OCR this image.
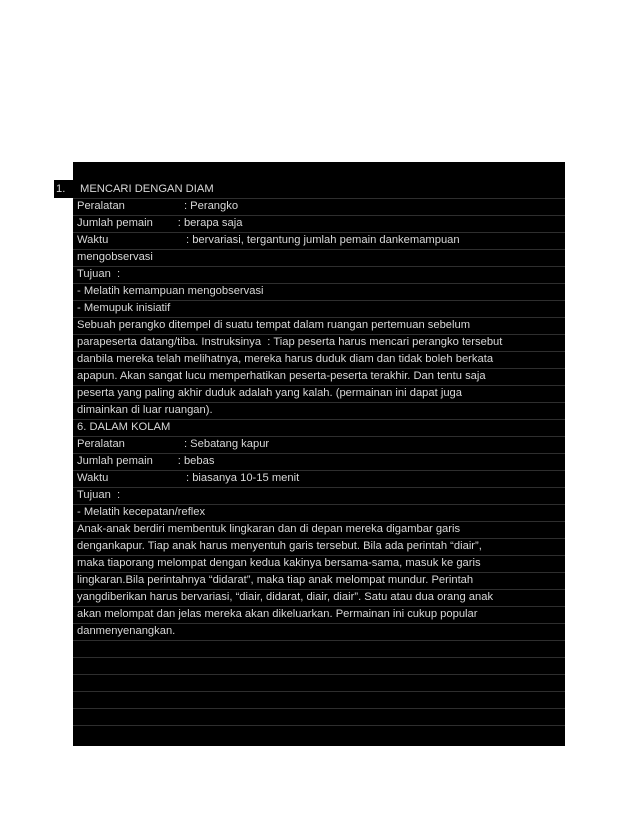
1. MENCARI DENGAN DIAM
Peralatan                   : Perangko
Jumlah pemain        : berapa saja
Waktu                         : bervariasi, tergantung jumlah pemain dankemampuan
mengobservasi
Tujuan  :
- Melatih kemampuan mengobservasi
- Memupuk inisiatif
Sebuah perangko ditempel di suatu tempat dalam ruangan pertemuan sebelum
parapeserta datang/tiba. Instruksinya  : Tiap peserta harus mencari perangko tersebut
danbila mereka telah melihatnya, mereka harus duduk diam dan tidak boleh berkata
apapun. Akan sangat lucu memperhatikan peserta-peserta terakhir. Dan tentu saja
peserta yang paling akhir duduk adalah yang kalah. (permainan ini dapat juga
dimainkan di luar ruangan).
6. DALAM KOLAM
Peralatan                   : Sebatang kapur
Jumlah pemain        : bebas
Waktu                         : biasanya 10-15 menit
Tujuan  :
- Melatih kecepatan/reflex
Anak-anak berdiri membentuk lingkaran dan di depan mereka digambar garis
dengankapur. Tiap anak harus menyentuh garis tersebut. Bila ada perintah “diair”,
maka tiaporang melompat dengan kedua kakinya bersama-sama, masuk ke garis
lingkaran.Bila perintahnya “didarat”, maka tiap anak melompat mundur. Perintah
yangdiberikan harus bervariasi, “diair, didarat, diair, diair”. Satu atau dua orang anak
akan melompat dan jelas mereka akan dikeluarkan. Permainan ini cukup popular
danmenyenangkan.
